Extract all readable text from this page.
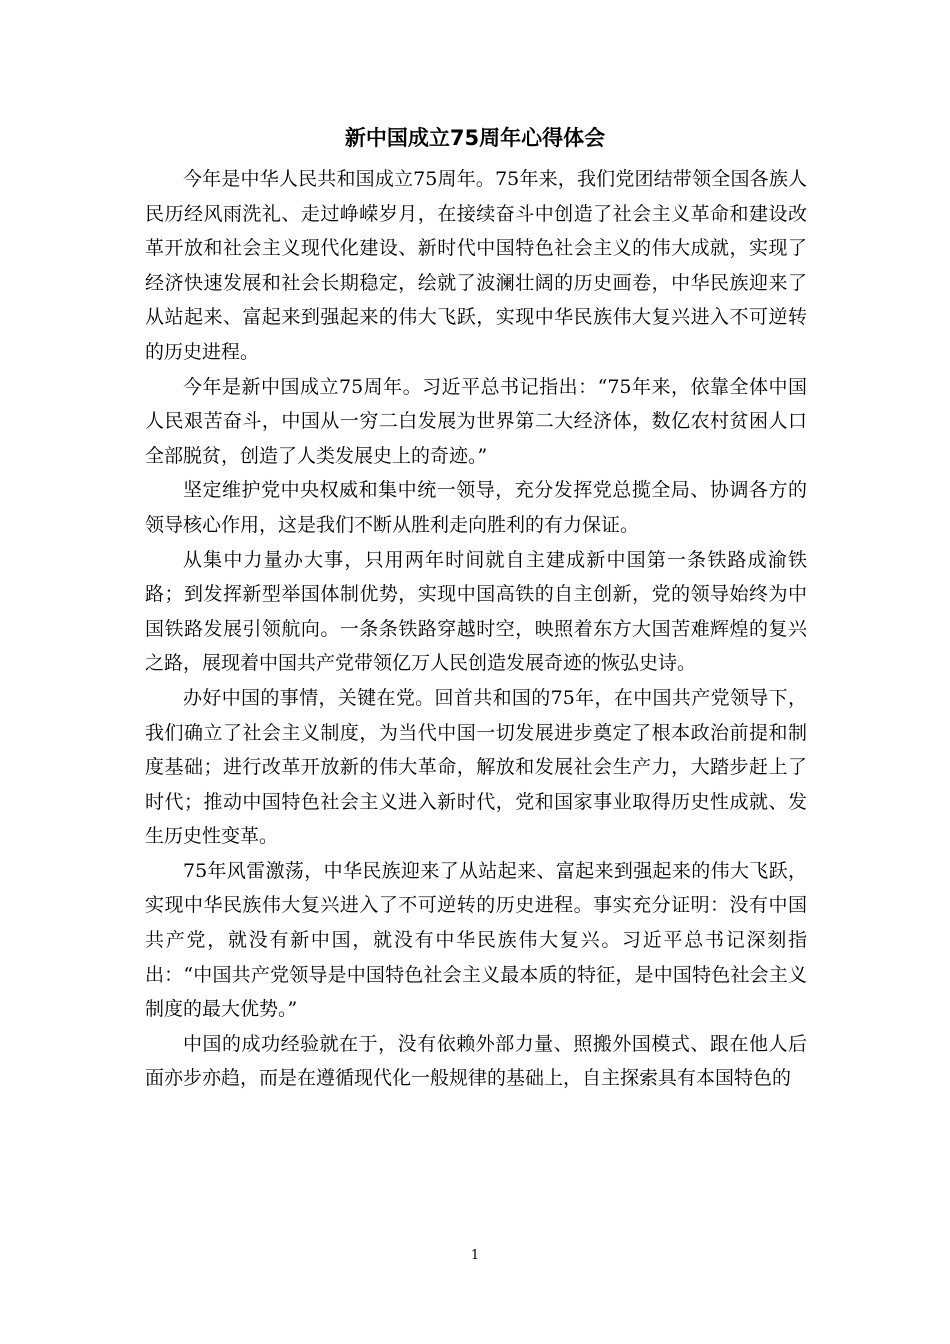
新中国成立75周年心得体会

今年是中华人民共和国成立75周年。75年来，我们党团结带领全国各族人民历经风雨洗礼、走过峥嵘岁月，在接续奋斗中创造了社会主义革命和建设改革开放和社会主义现代化建设、新时代中国特色社会主义的伟大成就，实现了经济快速发展和社会长期稳定，绘就了波澜壮阔的历史画卷，中华民族迎来了从站起来、富起来到强起来的伟大飞跃，实现中华民族伟大复兴进入不可逆转的历史进程。

今年是新中国成立75周年。习近平总书记指出：“75年来，依靠全体中国人民艰苦奋斗，中国从一穷二白发展为世界第二大经济体，数亿农村贫困人口全部脱贫，创造了人类发展史上的奇迹。”

坚定维护党中央权威和集中统一领导，充分发挥党总揽全局、协调各方的领导核心作用，这是我们不断从胜利走向胜利的有力保证。

从集中力量办大事，只用两年时间就自主建成新中国第一条铁路成渝铁路；到发挥新型举国体制优势，实现中国高铁的自主创新，党的领导始终为中国铁路发展引领航向。一条条铁路穿越时空，映照着东方大国苦难辉煌的复兴之路，展现着中国共产党带领亿万人民创造发展奇迹的恢弘史诗。

办好中国的事情，关键在党。回首共和国的75年，在中国共产党领导下，我们确立了社会主义制度，为当代中国一切发展进步奠定了根本政治前提和制度基础；进行改革开放新的伟大革命，解放和发展社会生产力，大踏步赶上了时代；推动中国特色社会主义进入新时代，党和国家事业取得历史性成就、发生历史性变革。

75年风雷激荡，中华民族迎来了从站起来、富起来到强起来的伟大飞跃，实现中华民族伟大复兴进入了不可逆转的历史进程。事实充分证明：没有中国共产党，就没有新中国，就没有中华民族伟大复兴。习近平总书记深刻指出：“中国共产党领导是中国特色社会主义最本质的特征，是中国特色社会主义制度的最大优势。”

中国的成功经验就在于，没有依赖外部力量、照搬外国模式、跟在他人后面亦步亦趋，而是在遵循现代化一般规律的基础上，自主探索具有本国特色的

1
